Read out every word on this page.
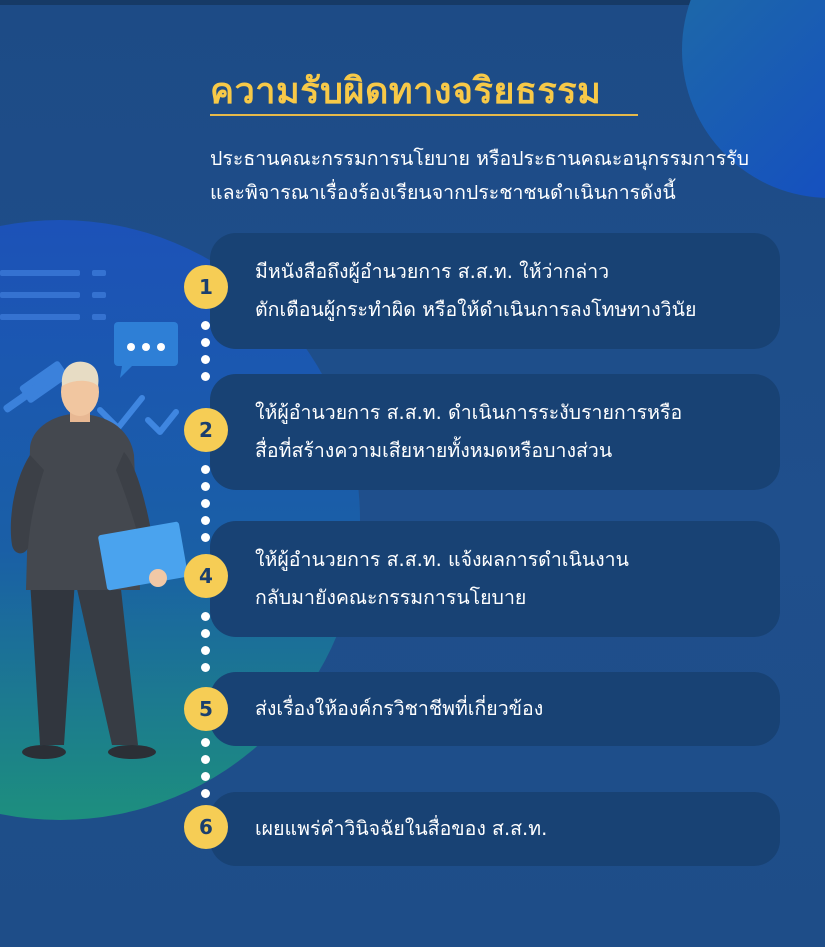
ความรับผิดทางจริยธรรม

ประธานคณะกรรมการนโยบาย หรือประธานคณะอนุกรรมการรับ
และพิจารณาเรื่องร้องเรียนจากประชาชนดำเนินการดังนี้

มีหนังสือถึงผู้อำนวยการ ส.ส.ท. ให้ว่ากล่าว
ตักเตือนผู้กระทำผิด หรือให้ดำเนินการลงโทษทางวินัย

1

ให้ผู้อำนวยการ ส.ส.ท. ดำเนินการระงับรายการหรือ
สื่อที่สร้างความเสียหายทั้งหมดหรือบางส่วน

2

ให้ผู้อำนวยการ ส.ส.ท. แจ้งผลการดำเนินงาน
กลับมายังคณะกรรมการนโยบาย

4

ส่งเรื่องให้องค์กรวิชาชีพที่เกี่ยวข้อง

5

เผยแพร่คำวินิจฉัยในสื่อของ ส.ส.ท.

6
